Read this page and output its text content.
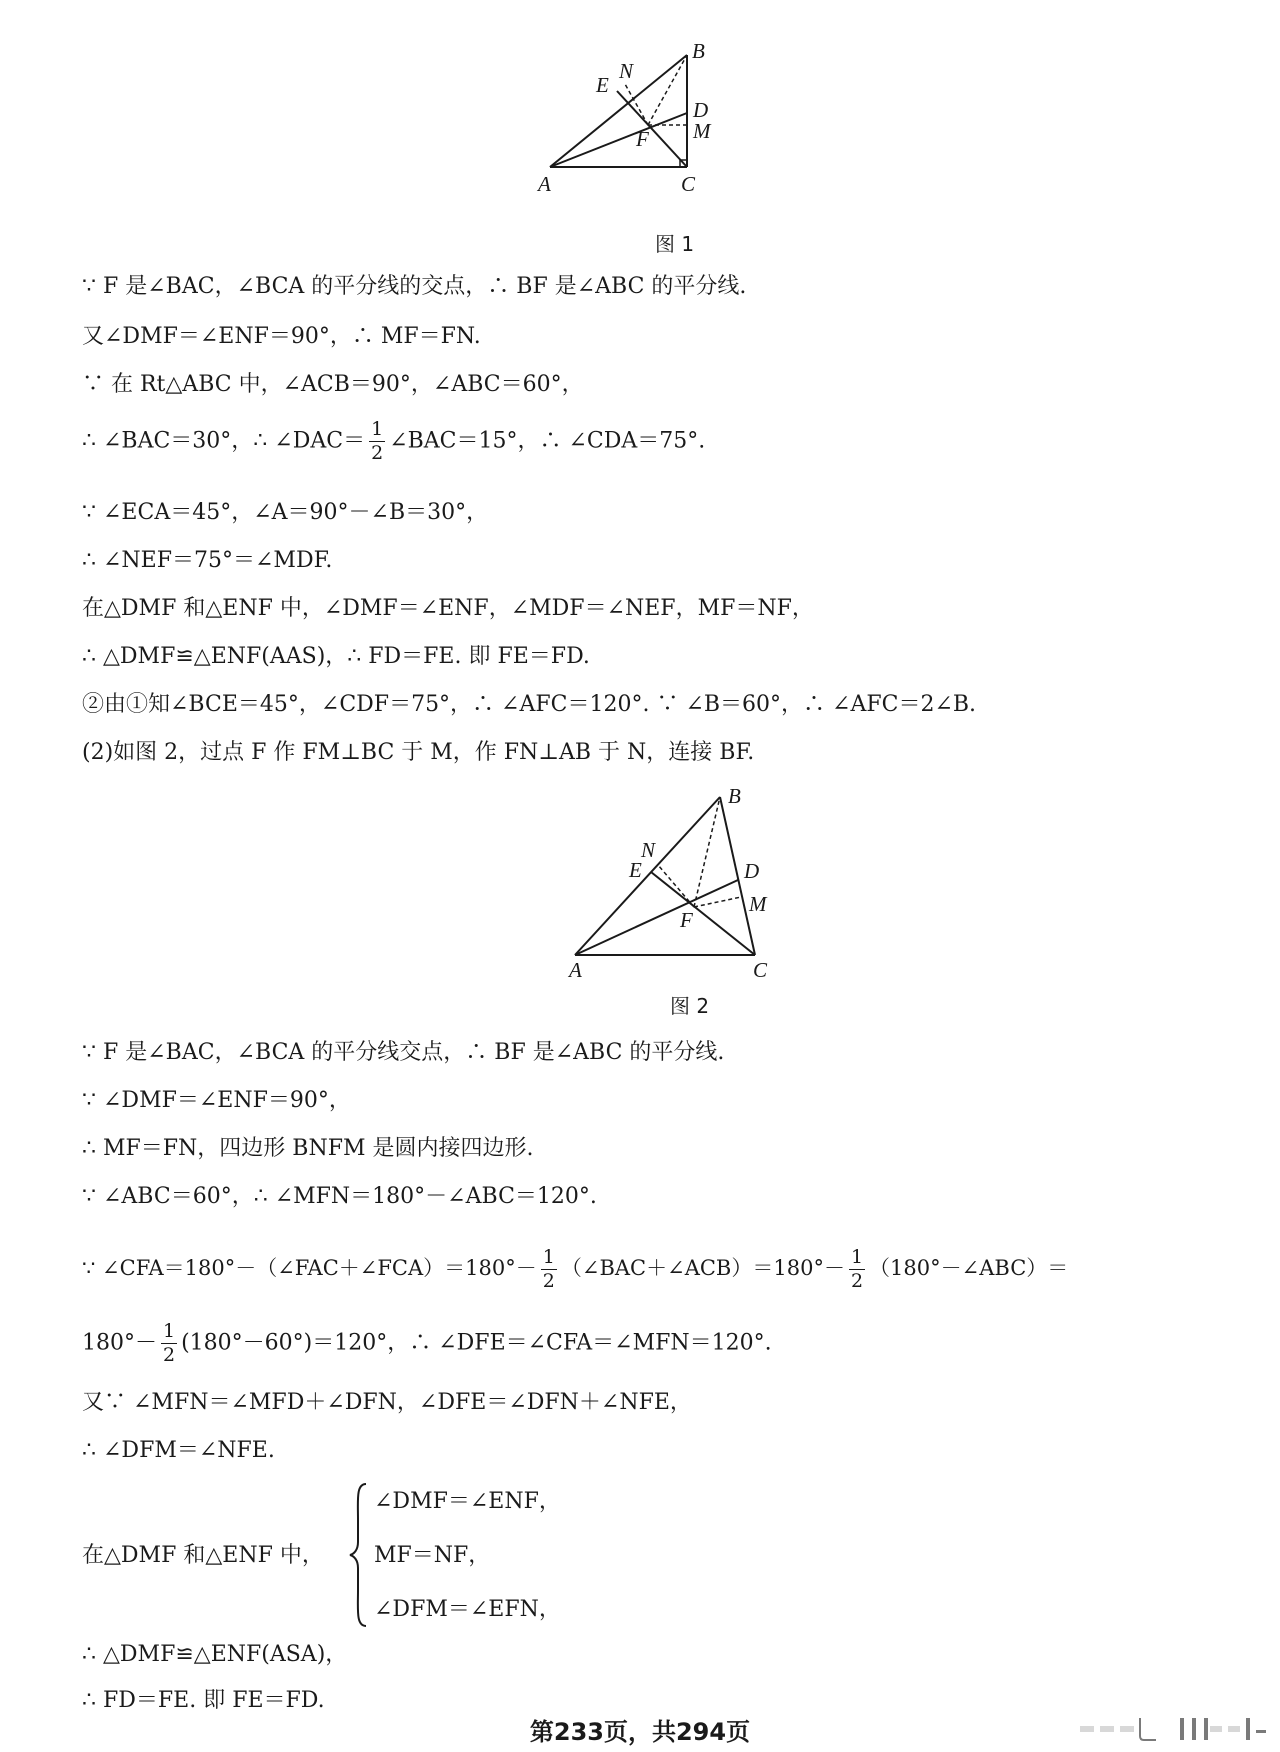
B
D
M
N
E
F
A	C
图 1
∵ F 是∠BAC，∠BCA 的平分线的交点，∴ BF 是∠ABC 的平分线.
又∠DMF＝∠ENF＝90°，∴ MF＝FN.
∵ 在 Rt△ABC 中，∠ACB＝90°，∠ABC＝60°，
∴ ∠BAC＝30°，∴ ∠DAC＝ $\frac{1}{2}$ ∠BAC＝15°，∴ ∠CDA＝75°.
∵ ∠ECA＝45°，∠A＝90°－∠B＝30°，
∴ ∠NEF＝75°＝∠MDF.
在△DMF 和△ENF 中，∠DMF＝∠ENF，∠MDF＝∠NEF，MF＝NF，
∴ △DMF≌△ENF(AAS)，∴ FD＝FE. 即 FE＝FD.
②由①知∠BCE＝45°，∠CDF＝75°，∴ ∠AFC＝120°. ∵ ∠B＝60°，∴ ∠AFC＝2∠B.
(2)如图 2，过点 F 作 FM⊥BC 于 M，作 FN⊥AB 于 N，连接 BF.
B
D
M
N
E
F
A	C
图 2
∵ F 是∠BAC，∠BCA 的平分线交点，∴ BF 是∠ABC 的平分线.
∵ ∠DMF＝∠ENF＝90°，
∴ MF＝FN，四边形 BNFM 是圆内接四边形.
∵ ∠ABC＝60°，∴ ∠MFN＝180°－∠ABC＝120°.
∵ ∠CFA＝180°－（∠FAC＋∠FCA）＝180°－ $\frac{1}{2}$ （∠BAC＋∠ACB）＝180°－ $\frac{1}{2}$ （180°－∠ABC）＝
$180^\circ- \frac{1}{2} (180^\circ-60^\circ)=120^\circ$，∴ ∠DFE＝∠CFA＝∠MFN＝120°.
又∵ ∠MFN＝∠MFD＋∠DFN，∠DFE＝∠DFN＋∠NFE，
∴ ∠DFM＝∠NFE.
在△DMF 和△ENF 中，
∠DMF＝∠ENF，
MF＝NF，
∠DFM＝∠EFN，
∴ △DMF≌△ENF(ASA)，
∴ FD＝FE. 即 FE＝FD.
第233页，共294页
